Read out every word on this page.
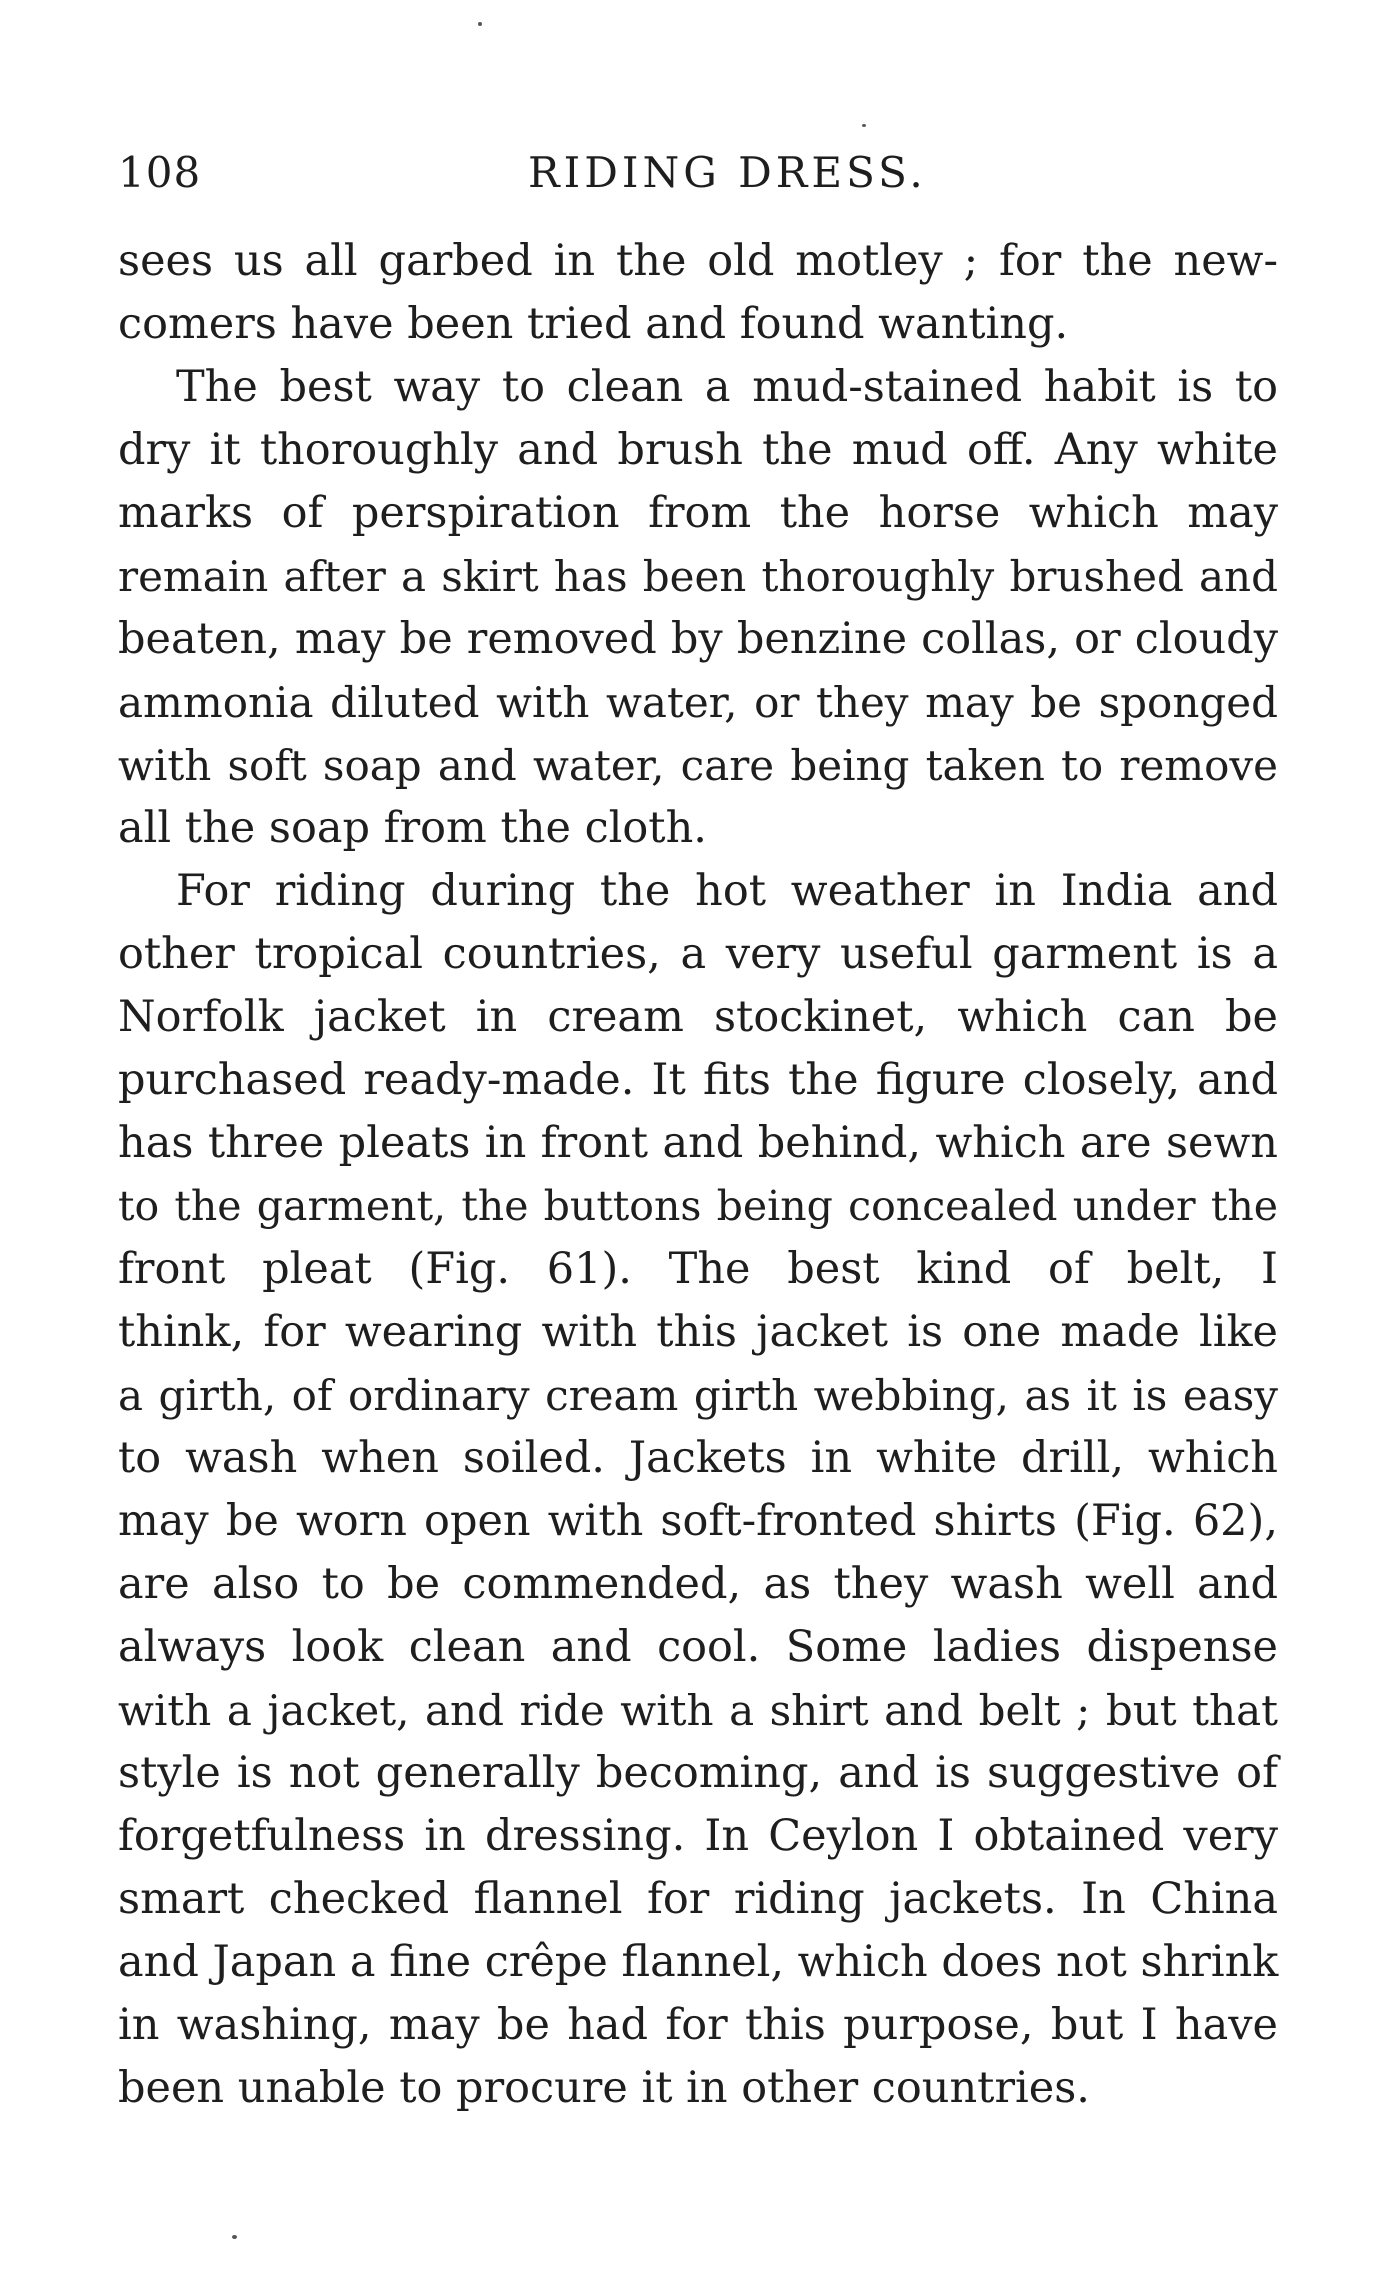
108	RIDING DRESS.
sees us all garbed in the old motley ; for the new-
comers have been tried and found wanting.
The best way to clean a mud-stained habit is to
dry it thoroughly and brush the mud off. Any white
marks of perspiration from the horse which may
remain after a skirt has been thoroughly brushed and
beaten, may be removed by benzine collas, or cloudy
ammonia diluted with water, or they may be sponged
with soft soap and water, care being taken to remove
all the soap from the cloth.
For riding during the hot weather in India and
other tropical countries, a very useful garment is a
Norfolk jacket in cream stockinet, which can be
purchased ready-made. It fits the figure closely, and
has three pleats in front and behind, which are sewn
to the garment, the buttons being concealed under the
front pleat (Fig. 61). The best kind of belt, I
think, for wearing with this jacket is one made like
a girth, of ordinary cream girth webbing, as it is easy
to wash when soiled. Jackets in white drill, which
may be worn open with soft-fronted shirts (Fig. 62),
are also to be commended, as they wash well and
always look clean and cool. Some ladies dispense
with a jacket, and ride with a shirt and belt ; but that
style is not generally becoming, and is suggestive of
forgetfulness in dressing. In Ceylon I obtained very
smart checked flannel for riding jackets. In China
and Japan a fine crêpe flannel, which does not shrink
in washing, may be had for this purpose, but I have
been unable to procure it in other countries.
